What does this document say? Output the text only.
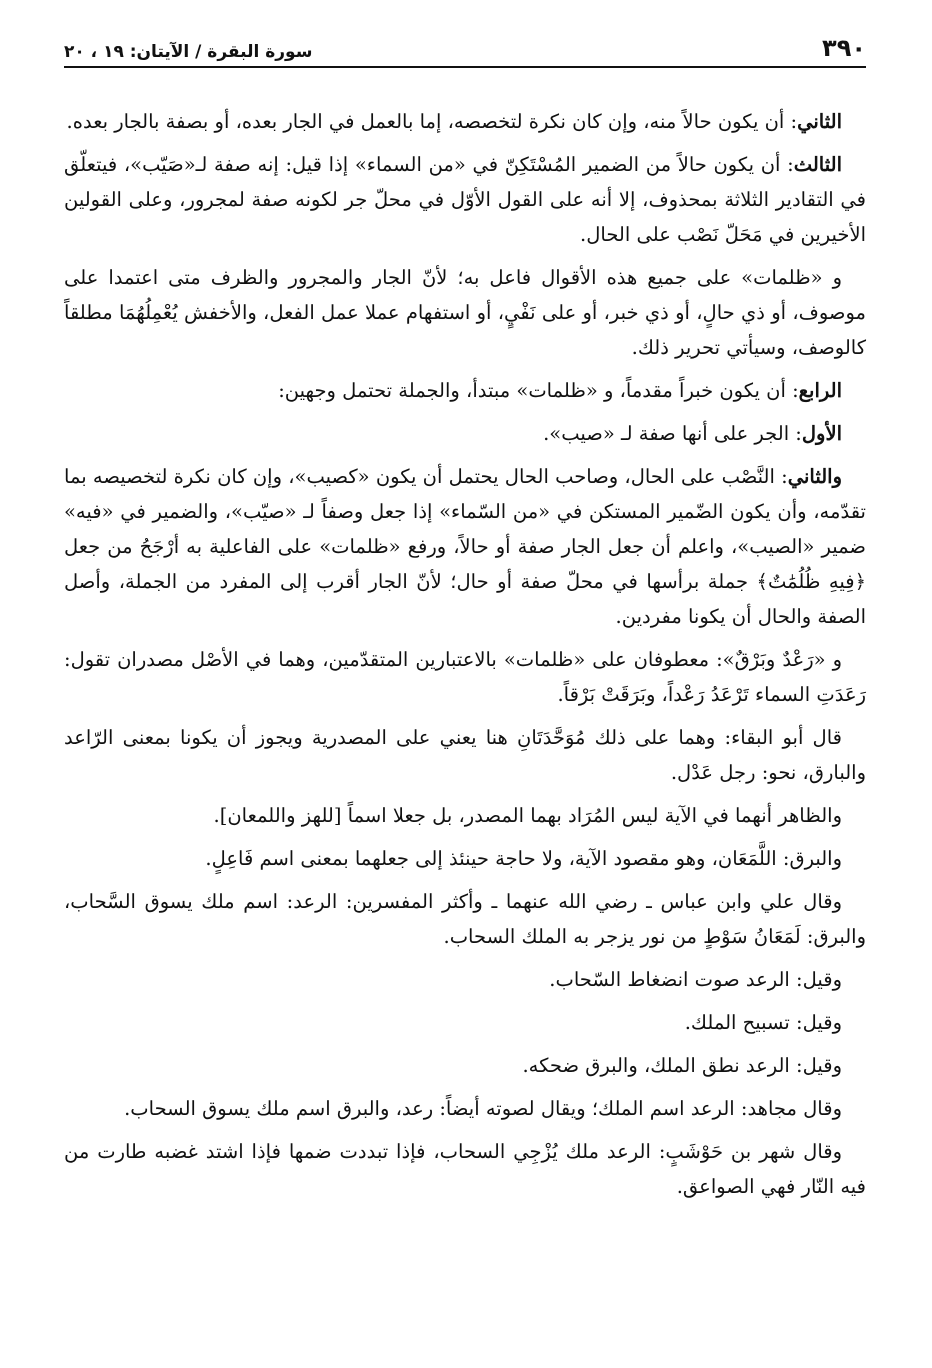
٣٩٠
سورة البقرة / الآيتان: ١٩ ، ٢٠

الثاني: أن يكون حالاً منه، وإن كان نكرة لتخصصه، إما بالعمل في الجار بعده، أو بصفة بالجار بعده.

الثالث: أن يكون حالاً من الضمير المُسْتَكِنّ في «من السماء» إذا قيل: إنه صفة لـ«صَيّب»، فيتعلّق في التقادير الثلاثة بمحذوف، إلا أنه على القول الأوّل في محلّ جر لكونه صفة لمجرور، وعلى القولين الأخيرين في مَحَلّ نَصْب على الحال.

و «ظلمات» على جميع هذه الأقوال فاعل به؛ لأنّ الجار والمجرور والظرف متى اعتمدا على موصوف، أو ذي حالٍ، أو ذي خبر، أو على نَفْيٍ، أو استفهام عملا عمل الفعل، والأخفش يُعْمِلُهُمَا مطلقاً كالوصف، وسيأتي تحرير ذلك.

الرابع: أن يكون خبراً مقدماً، و «ظلمات» مبتدأ، والجملة تحتمل وجهين:

الأول: الجر على أنها صفة لـ «صيب».

والثاني: النَّصْب على الحال، وصاحب الحال يحتمل أن يكون «كصيب»، وإن كان نكرة لتخصيصه بما تقدّمه، وأن يكون الضّمير المستكن في «من السّماء» إذا جعل وصفاً لـ «صيّب»، والضمير في «فيه» ضمير «الصيب»، واعلم أن جعل الجار صفة أو حالاً، ورفع «ظلمات» على الفاعلية به أرْجَحُ من جعل ﴿فِيهِ ظُلُمَٰتٌ﴾ جملة برأسها في محلّ صفة أو حال؛ لأنّ الجار أقرب إلى المفرد من الجملة، وأصل الصفة والحال أن يكونا مفردين.

و «رَعْدٌ وبَرْقٌ»: معطوفان على «ظلمات» بالاعتبارين المتقدّمين، وهما في الأصْل مصدران تقول: رَعَدَتِ السماء تَرْعَدُ رَعْداً، وبَرَقَتْ بَرْقاً.

قال أبو البقاء: وهما على ذلك مُوَحَّدَتَانِ هنا يعني على المصدرية ويجوز أن يكونا بمعنى الرّاعد والبارق، نحو: رجل عَدْل.

والظاهر أنهما في الآية ليس المُرَاد بهما المصدر، بل جعلا اسماً [للهز واللمعان].

والبرق: اللَّمَعَان، وهو مقصود الآية، ولا حاجة حينئذ إلى جعلهما بمعنى اسم فَاعِلٍ.

وقال علي وابن عباس ـ رضي الله عنهما ـ وأكثر المفسرين: الرعد: اسم ملك يسوق السَّحاب، والبرق: لَمَعَانُ سَوْطٍ من نور يزجر به الملك السحاب.

وقيل: الرعد صوت انضغاط السّحاب.

وقيل: تسبيح الملك.

وقيل: الرعد نطق الملك، والبرق ضحكه.

وقال مجاهد: الرعد اسم الملك؛ ويقال لصوته أيضاً: رعد، والبرق اسم ملك يسوق السحاب.

وقال شهر بن حَوْشَبٍ: الرعد ملك يُزْجِي السحاب، فإذا تبددت ضمها فإذا اشتد غضبه طارت من فيه النّار فهي الصواعق.
